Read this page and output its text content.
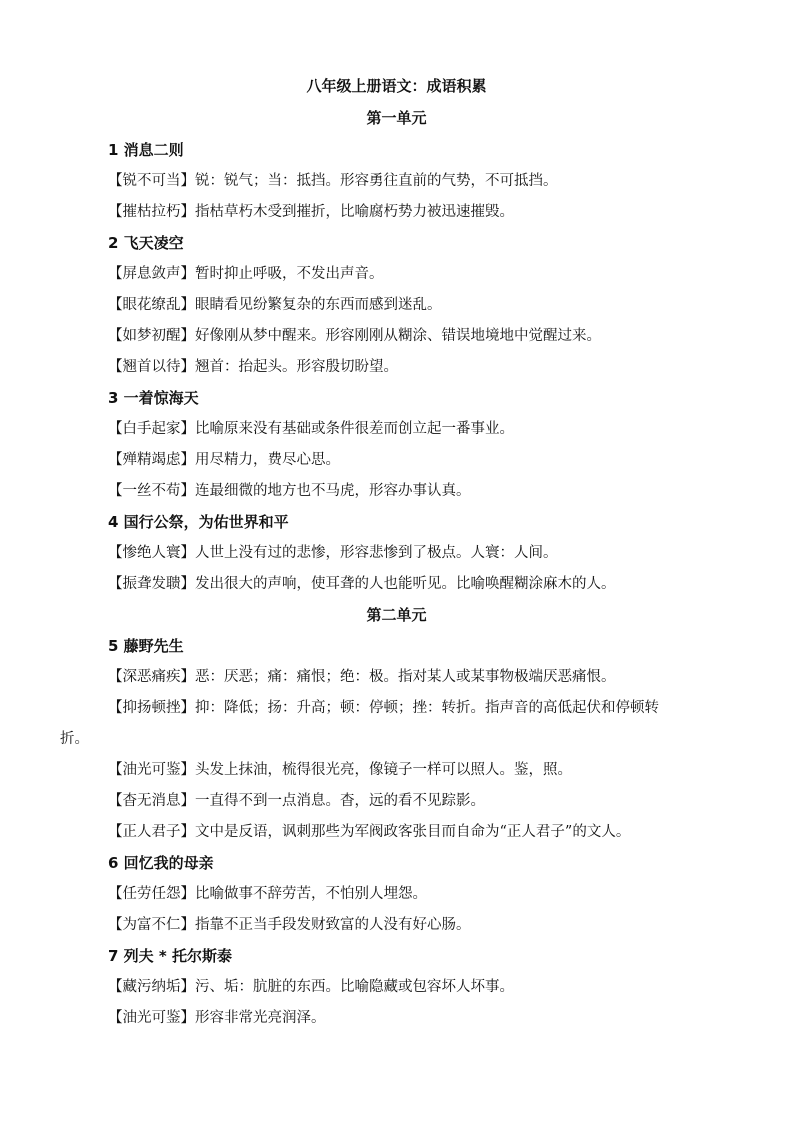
八年级上册语文：成语积累
第一单元
1 消息二则
【锐不可当】锐：锐气；当：抵挡。形容勇往直前的气势，不可抵挡。
【摧枯拉朽】指枯草朽木受到摧折，比喻腐朽势力被迅速摧毁。
2 飞天凌空
【屏息敛声】暂时抑止呼吸，不发出声音。
【眼花缭乱】眼睛看见纷繁复杂的东西而感到迷乱。
【如梦初醒】好像刚从梦中醒来。形容刚刚从糊涂、错误地境地中觉醒过来。
【翘首以待】翘首：抬起头。形容殷切盼望。
3 一着惊海天
【白手起家】比喻原来没有基础或条件很差而创立起一番事业。
【殚精竭虑】用尽精力，费尽心思。
【一丝不苟】连最细微的地方也不马虎，形容办事认真。
4 国行公祭，为佑世界和平
【惨绝人寰】人世上没有过的悲惨，形容悲惨到了极点。人寰：人间。
【振聋发聩】发出很大的声响，使耳聋的人也能听见。比喻唤醒糊涂麻木的人。
第二单元
5 藤野先生
【深恶痛疾】恶：厌恶；痛：痛恨；绝：极。指对某人或某事物极端厌恶痛恨。
【抑扬顿挫】抑：降低；扬：升高；顿：停顿；挫：转折。指声音的高低起伏和停顿转
折。
【油光可鉴】头发上抹油，梳得很光亮，像镜子一样可以照人。鉴，照。
【杳无消息】一直得不到一点消息。杳，远的看不见踪影。
【正人君子】文中是反语，讽刺那些为军阀政客张目而自命为“正人君子”的文人。
6 回忆我的母亲
【任劳任怨】比喻做事不辞劳苦，不怕别人埋怨。
【为富不仁】指靠不正当手段发财致富的人没有好心肠。
7 列夫 * 托尔斯泰
【藏污纳垢】污、垢：肮脏的东西。比喻隐藏或包容坏人坏事。
【油光可鉴】形容非常光亮润泽。
